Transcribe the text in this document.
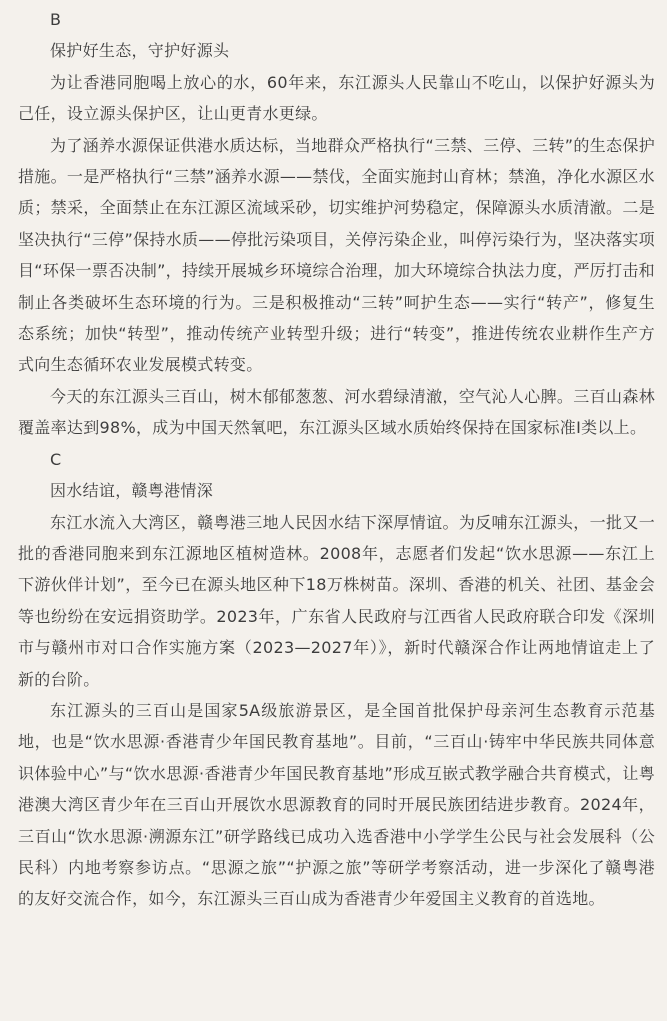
B

保护好生态，守护好源头

为让香港同胞喝上放心的水，60年来，东江源头人民靠山不吃山，以保护好源头为己任，设立源头保护区，让山更青水更绿。

为了涵养水源保证供港水质达标，当地群众严格执行“三禁、三停、三转”的生态保护措施。一是严格执行“三禁”涵养水源——禁伐，全面实施封山育林；禁渔，净化水源区水质；禁采，全面禁止在东江源区流域采砂，切实维护河势稳定，保障源头水质清澈。二是坚决执行“三停”保持水质——停批污染项目，关停污染企业，叫停污染行为，坚决落实项目“环保一票否决制”，持续开展城乡环境综合治理，加大环境综合执法力度，严厉打击和制止各类破坏生态环境的行为。三是积极推动“三转”呵护生态——实行“转产”，修复生态系统；加快“转型”，推动传统产业转型升级；进行“转变”，推进传统农业耕作生产方式向生态循环农业发展模式转变。

今天的东江源头三百山，树木郁郁葱葱、河水碧绿清澈，空气沁人心脾。三百山森林覆盖率达到98%，成为中国天然氧吧，东江源头区域水质始终保持在国家标准Ⅰ类以上。

C

因水结谊，赣粤港情深

东江水流入大湾区，赣粤港三地人民因水结下深厚情谊。为反哺东江源头，一批又一批的香港同胞来到东江源地区植树造林。2008年，志愿者们发起“饮水思源——东江上下游伙伴计划”，至今已在源头地区种下18万株树苗。深圳、香港的机关、社团、基金会等也纷纷在安远捐资助学。2023年，广东省人民政府与江西省人民政府联合印发《深圳市与赣州市对口合作实施方案（2023—2027年）》，新时代赣深合作让两地情谊走上了新的台阶。

东江源头的三百山是国家5A级旅游景区，是全国首批保护母亲河生态教育示范基地，也是“饮水思源·香港青少年国民教育基地”。目前，“三百山·铸牢中华民族共同体意识体验中心”与“饮水思源·香港青少年国民教育基地”形成互嵌式教学融合共育模式，让粤港澳大湾区青少年在三百山开展饮水思源教育的同时开展民族团结进步教育。2024年，三百山“饮水思源·溯源东江”研学路线已成功入选香港中小学学生公民与社会发展科（公民科）内地考察参访点。“思源之旅”“护源之旅”等研学考察活动，进一步深化了赣粤港的友好交流合作，如今，东江源头三百山成为香港青少年爱国主义教育的首选地。
